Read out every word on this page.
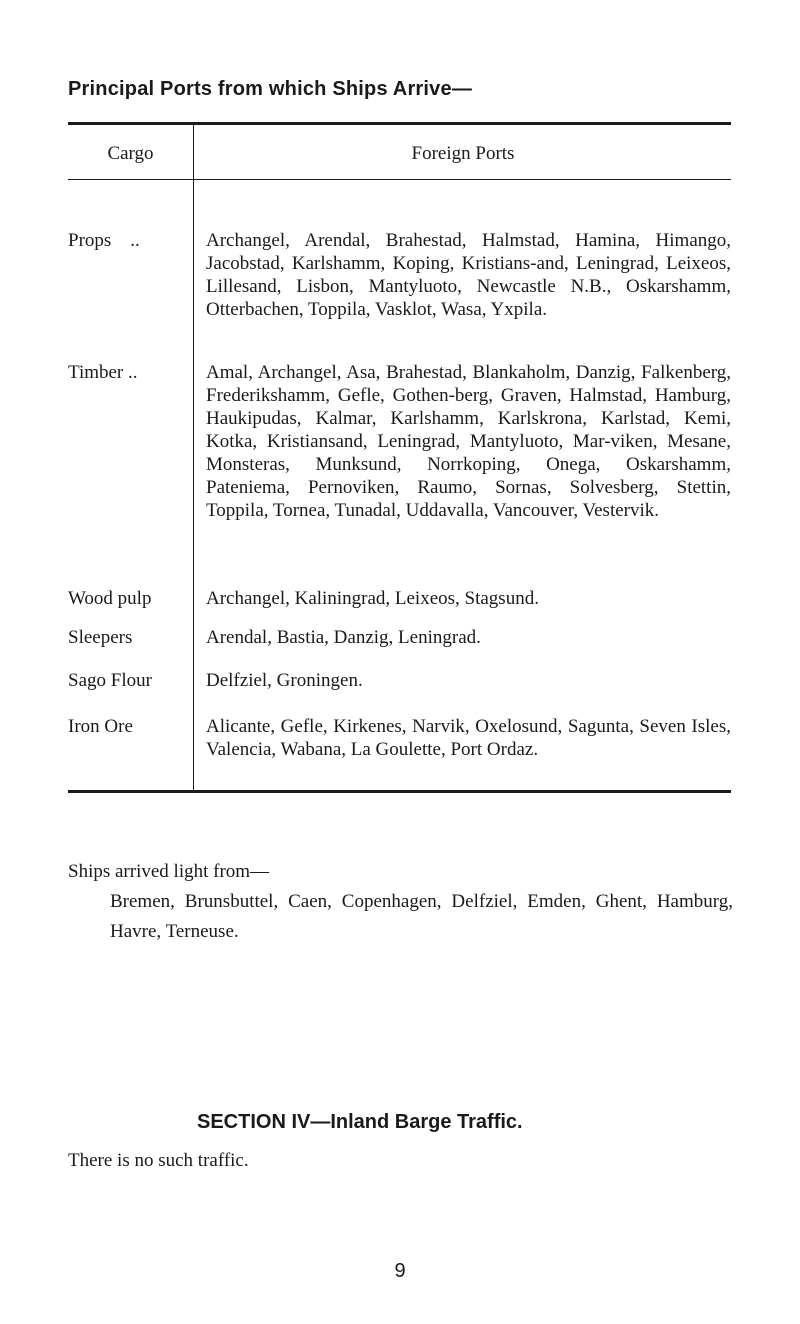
Principal Ports from which Ships Arrive—
Cargo	Foreign Ports
Props    ..	Archangel, Arendal, Brahestad, Halmstad, Hamina, Himango, Jacobstad, Karlshamm, Koping, Kristians-and, Leningrad, Leixeos, Lillesand, Lisbon, Mantyluoto, Newcastle N.B., Oskarshamm, Otterbachen, Toppila, Vasklot, Wasa, Yxpila.
Timber ..	Amal, Archangel, Asa, Brahestad, Blankaholm, Danzig, Falkenberg, Frederikshamm, Gefle, Gothen-berg, Graven, Halmstad, Hamburg, Haukipudas, Kalmar, Karlshamm, Karlskrona, Karlstad, Kemi, Kotka, Kristiansand, Leningrad, Mantyluoto, Mar-viken, Mesane, Monsteras, Munksund, Norrkoping, Onega, Oskarshamm, Pateniema, Pernoviken, Raumo, Sornas, Solvesberg, Stettin, Toppila, Tornea, Tunadal, Uddavalla, Vancouver, Vestervik.
Wood pulp	Archangel, Kaliningrad, Leixeos, Stagsund.
Sleepers	Arendal, Bastia, Danzig, Leningrad.
Sago Flour	Delfziel, Groningen.
Iron Ore	Alicante, Gefle, Kirkenes, Narvik, Oxelosund, Sagunta, Seven Isles, Valencia, Wabana, La Goulette, Port Ordaz.

Ships arrived light from—

Bremen, Brunsbuttel, Caen, Copenhagen, Delfziel, Emden, Ghent, Hamburg, Havre, Terneuse.

SECTION IV—Inland Barge Traffic.

There is no such traffic.

9
